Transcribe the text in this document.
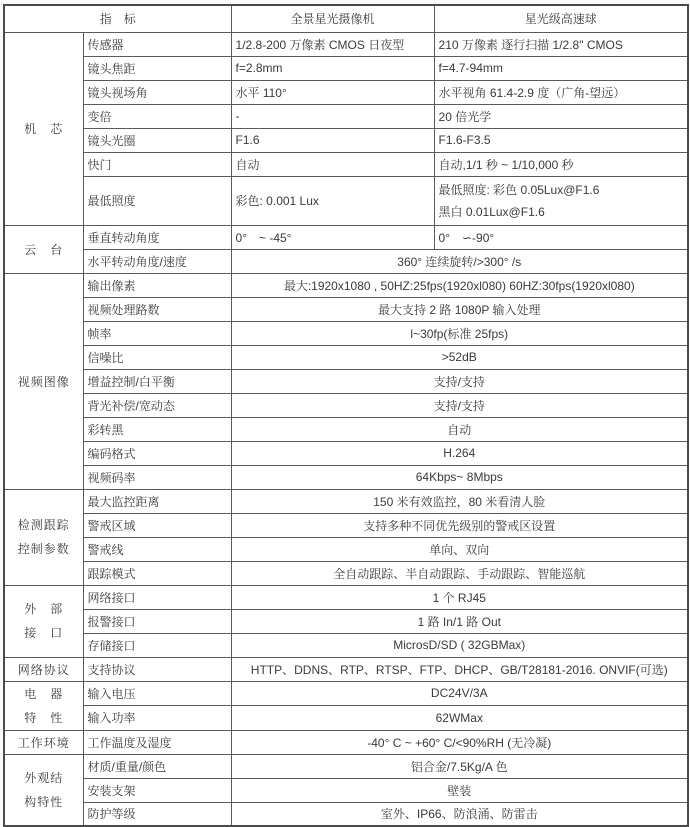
指　标		全景星光摄像机	星光级高速球

机　芯	传感器	1/2.8-200 万像素 CMOS 日夜型	210 万像素 逐行扫描 1/2.8" CMOS
	镜头焦距	f=2.8mm	f=4.7-94mm
	镜头视场角	水平 110°	水平视角 61.4-2.9 度（广角-望远）
	变倍	-	20 倍光学
	镜头光圈	F1.6	F1.6-F3.5
	快门	自动	自动,1/1 秒 ~ 1/10,000 秒
	最低照度	彩色: 0.001 Lux	最低照度: 彩色 0.05Lux@F1.6
黑白 0.01Lux@F1.6

云　台	垂直转动角度	0°　~ -45°	0°　∽-90°
	水平转动角度/速度	360° 连续旋转/>300° /s	

视频图像	输出像素	最大:1920x1080 , 50HZ:25fps(1920xl080) 60HZ:30fps(1920xl080)	
	视频处理路数	最大支持 2 路 1080P 输入处理	
	帧率	l~30fp(标准 25fps)	
	信噪比	>52dB	
	增益控制/白平衡	支持/支持	
	背光补偿/宽动态	支持/支持	
	彩转黑	自动	
	编码格式	H.264	
	视频码率	64Kbps~ 8Mbps	

检测跟踪
控制参数	最大监控距离	150 米有效监控，80 米看清人脸	
	警戒区域	支持多种不同优先级别的警戒区设置	
	警戒线	单向、双向	
	跟踪模式	全自动跟踪、半自动跟踪、手动跟踪、智能巡航	

外　部
接　口	网络接口	1 个 RJ45	
	报警接口	1 路 In/1 路 Out	
	存储接口	MicrosD/SD ( 32GBMax)	

网络协议	支持协议	HTTP、DDNS、RTP、RTSP、FTP、DHCP、GB/T28181-2016. ONVIF(可选)	

电　器
特　性	输入电压	DC24V/3A	
	输入功率	62WMax	

工作环境	工作温度及湿度	-40° C ~ +60° C/<90%RH (无冷凝)	

外观结
构特性	材质/重量/颜色	铝合金/7.5Kg/A 色	
	安装支架	壁装	
	防护等级	室外、IP66、防浪涌、防雷击	
